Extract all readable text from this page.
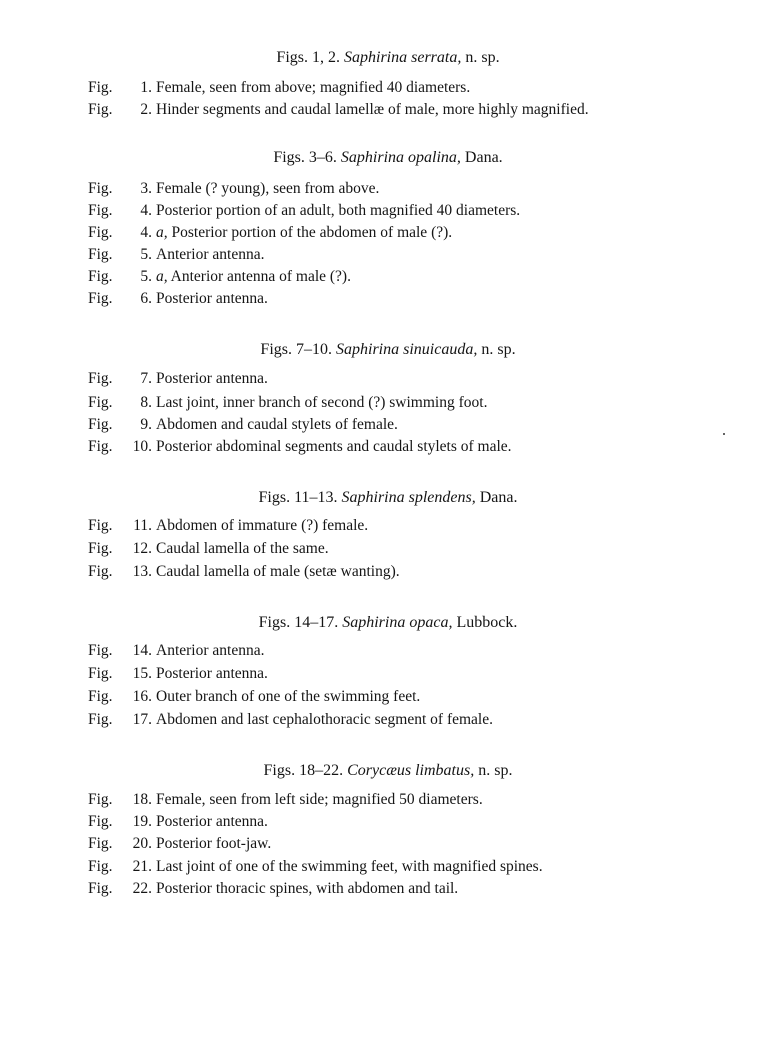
Figs. 1, 2. Saphirina serrata, n. sp.
Fig. 1. Female, seen from above; magnified 40 diameters.
Fig. 2. Hinder segments and caudal lamellæ of male, more highly magnified.
Figs. 3–6. Saphirina opalina, Dana.
Fig. 3. Female (? young), seen from above.
Fig. 4. Posterior portion of an adult, both magnified 40 diameters.
Fig. 4. a, Posterior portion of the abdomen of male (?).
Fig. 5. Anterior antenna.
Fig. 5. a, Anterior antenna of male (?).
Fig. 6. Posterior antenna.
Figs. 7–10. Saphirina sinuicauda, n. sp.
Fig. 7. Posterior antenna.
Fig. 8. Last joint, inner branch of second (?) swimming foot.
Fig. 9. Abdomen and caudal stylets of female.
Fig. 10. Posterior abdominal segments and caudal stylets of male.
Figs. 11–13. Saphirina splendens, Dana.
Fig. 11. Abdomen of immature (?) female.
Fig. 12. Caudal lamella of the same.
Fig. 13. Caudal lamella of male (setæ wanting).
Figs. 14–17. Saphirina opaca, Lubbock.
Fig. 14. Anterior antenna.
Fig. 15. Posterior antenna.
Fig. 16. Outer branch of one of the swimming feet.
Fig. 17. Abdomen and last cephalothoracic segment of female.
Figs. 18–22. Corycæus limbatus, n. sp.
Fig. 18. Female, seen from left side; magnified 50 diameters.
Fig. 19. Posterior antenna.
Fig. 20. Posterior foot-jaw.
Fig. 21. Last joint of one of the swimming feet, with magnified spines.
Fig. 22. Posterior thoracic spines, with abdomen and tail.
